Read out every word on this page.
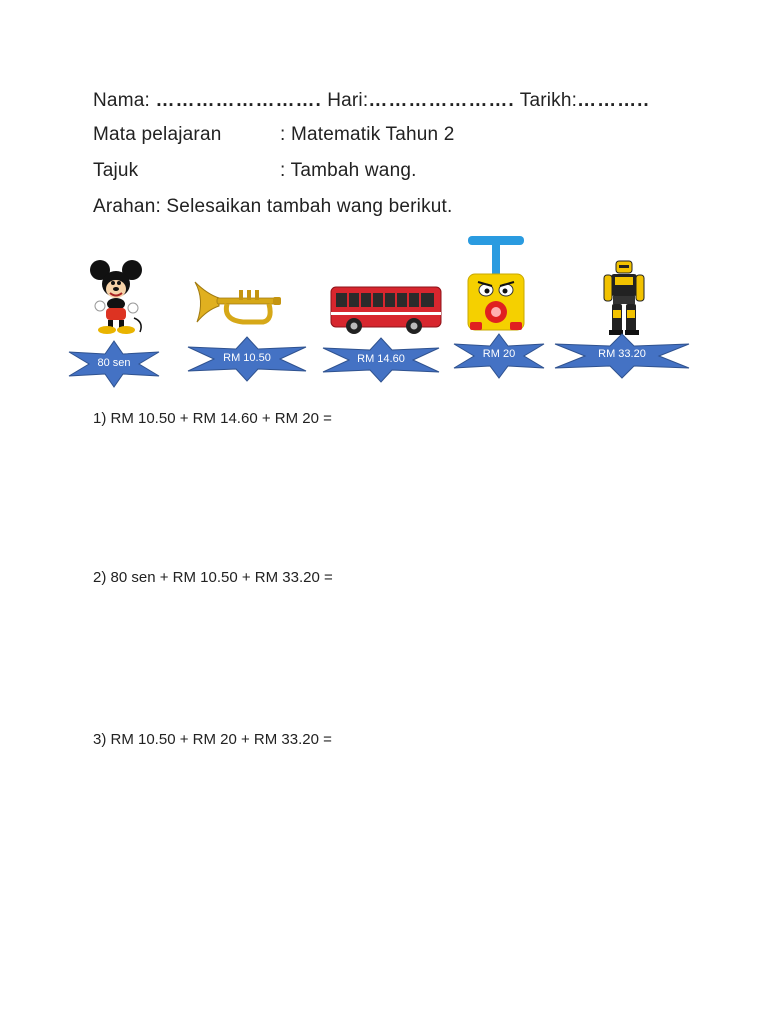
Nama: ……………………. Hari:…………………. Tarikh:………..
Mata pelajaran	: Matematik Tahun 2
Tajuk	: Tambah wang.
Arahan: Selesaikan tambah wang berikut.
80 sen	RM 10.50	RM 14.60	RM 20	RM 33.20
1) RM 10.50 + RM 14.60 + RM 20 =
2) 80 sen + RM 10.50 + RM 33.20 =
3) RM 10.50 + RM 20 + RM 33.20 =
